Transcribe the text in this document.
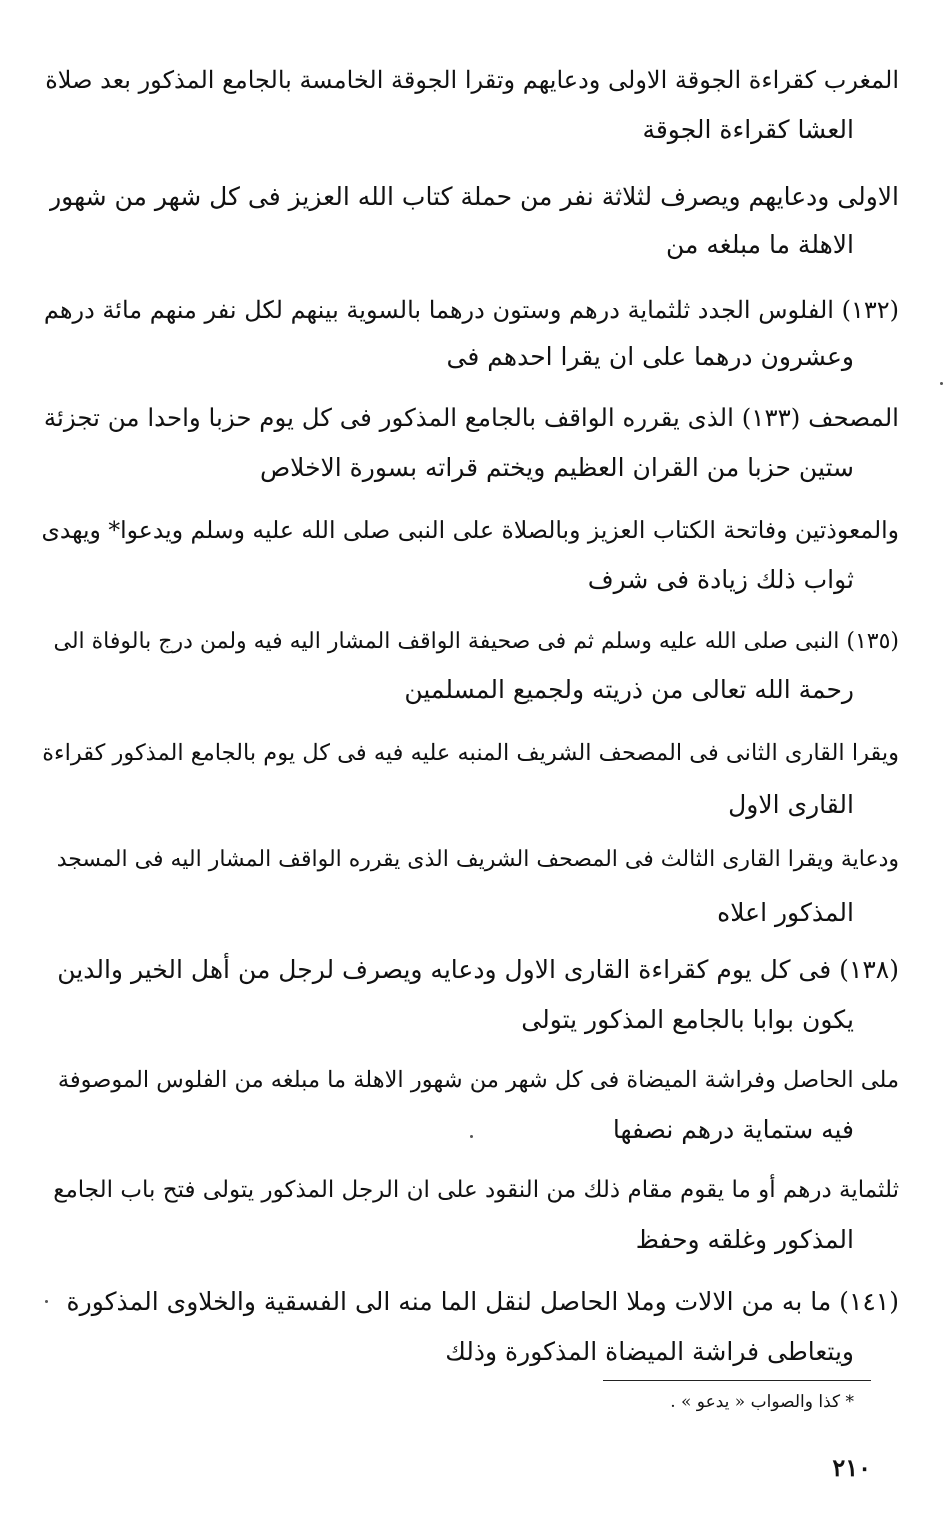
المغرب كقراءة الجوقة الاولى ودعايهم وتقرا الجوقة الخامسة بالجامع المذكور بعد صلاة
العشا كقراءة الجوقة
الاولى ودعايهم ويصرف لثلاثة نفر من حملة كتاب الله العزيز فى كل شهر من شهور
الاهلة ما مبلغه من
(١٣٢) الفلوس الجدد ثلثماية درهم وستون درهما بالسوية بينهم لكل نفر منهم مائة درهم
وعشرون درهما على ان يقرا احدهم فى
المصحف (١٣٣) الذى يقرره الواقف بالجامع المذكور فى كل يوم حزبا واحدا من تجزئة
ستين حزبا من القران العظيم ويختم قراته بسورة الاخلاص
والمعوذتين وفاتحة الكتاب العزيز وبالصلاة على النبى صلى الله عليه وسلم ويدعوا* ويهدى
ثواب ذلك زيادة فى شرف
(١٣٥) النبى صلى الله عليه وسلم ثم فى صحيفة الواقف المشار اليه فيه ولمن درج بالوفاة الى
رحمة الله تعالى من ذريته ولجميع المسلمين
ويقرا القارى الثانى فى المصحف الشريف المنبه عليه فيه فى كل يوم بالجامع المذكور كقراءة
القارى الاول
ودعاية ويقرا القارى الثالث فى المصحف الشريف الذى يقرره الواقف المشار اليه فى المسجد
المذكور اعلاه
(١٣٨) فى كل يوم كقراءة القارى الاول ودعايه ويصرف لرجل من أهل الخير والدين
يكون بوابا بالجامع المذكور يتولى
ملى الحاصل وفراشة الميضاة فى كل شهر من شهور الاهلة ما مبلغه من الفلوس الموصوفة
فيه ستماية درهم نصفها
ثلثماية درهم أو ما يقوم مقام ذلك من النقود على ان الرجل المذكور يتولى فتح باب الجامع
المذكور وغلقه وحفظ
(١٤١) ما به من الالات وملا الحاصل لنقل الما منه الى الفسقية والخلاوى المذكورة
ويتعاطى فراشة الميضاة المذكورة وذلك
* كذا والصواب « يدعو » .
٢١٠
